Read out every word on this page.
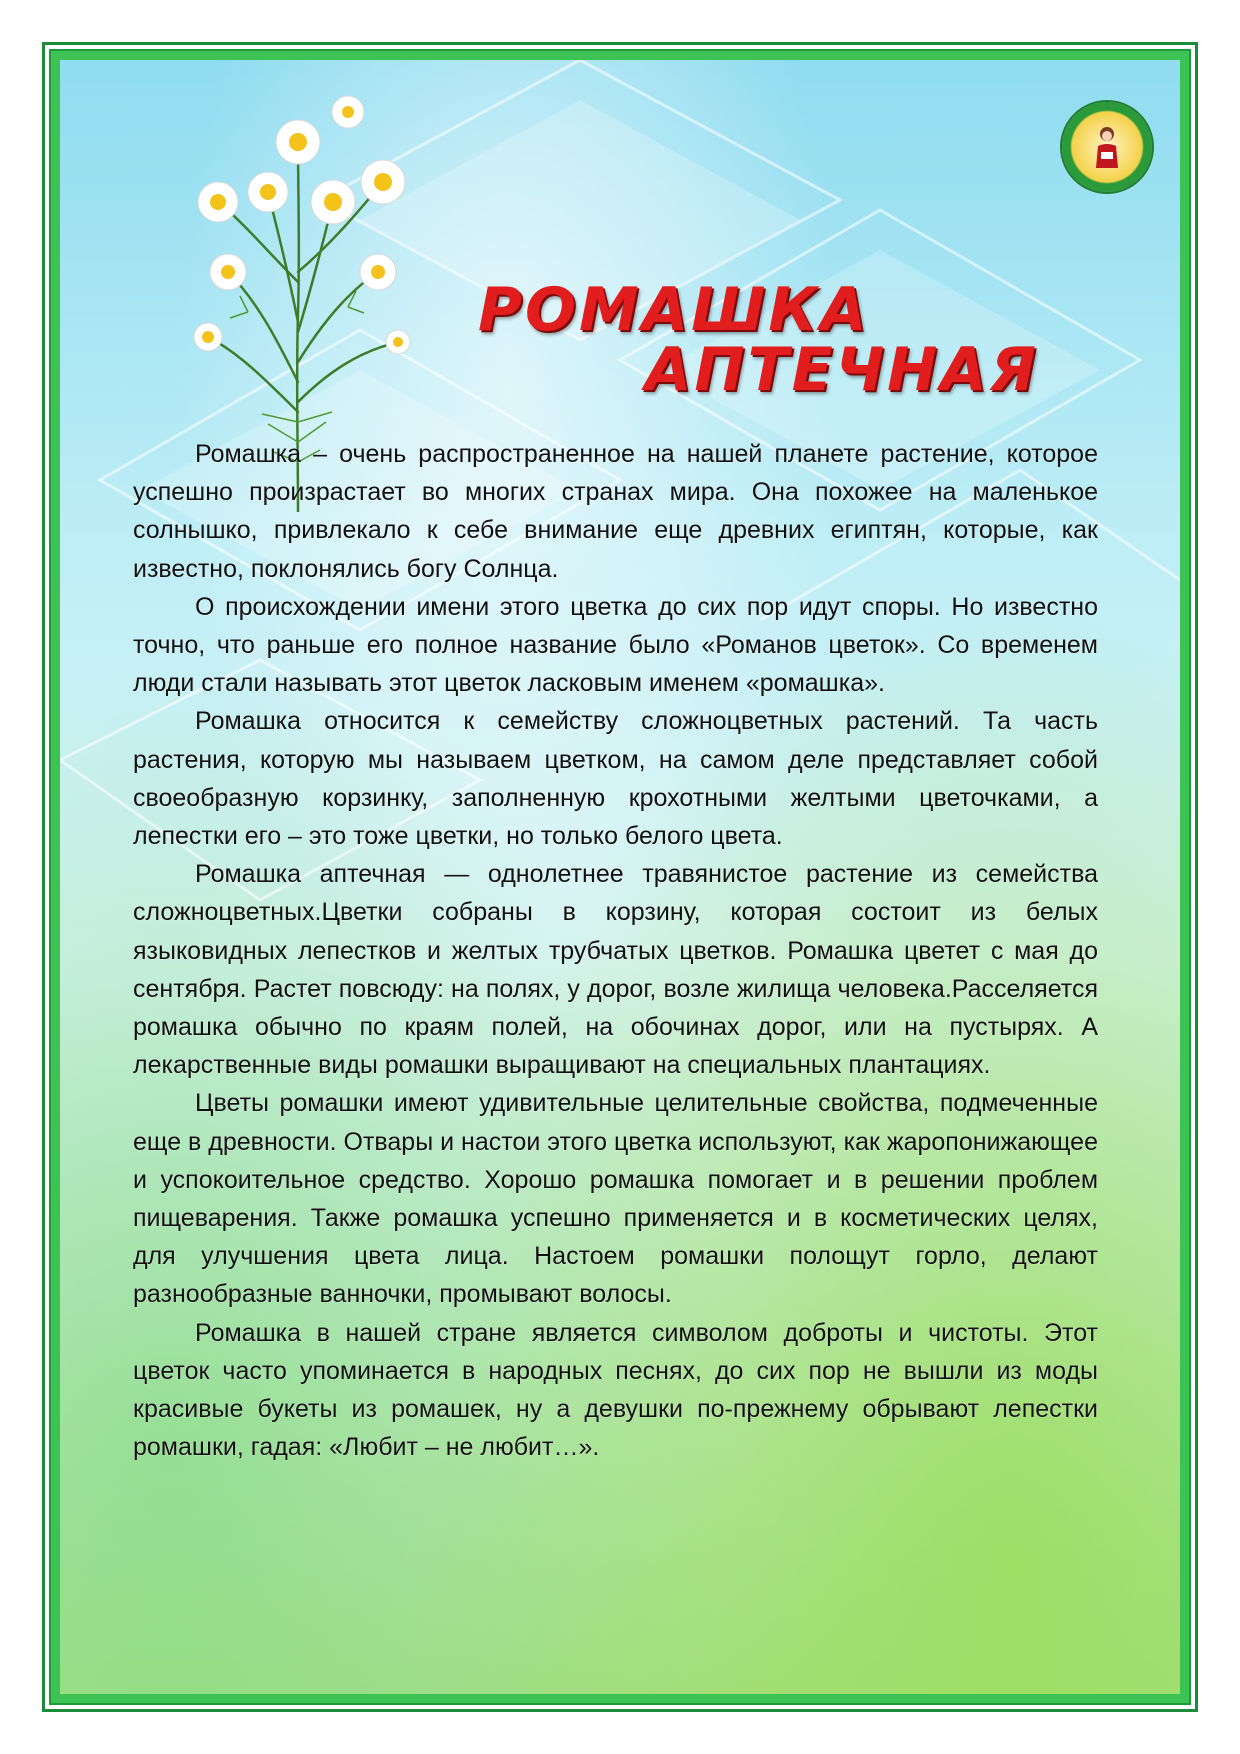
РОМАШКА
АПТЕЧНАЯ

Ромашка – очень распространенное на нашей планете растение, которое успешно произрастает во многих странах мира. Она похожее на маленькое солнышко, привлекало к себе внимание еще древних египтян, которые, как известно, поклонялись богу Солнца.

О происхождении имени этого цветка до сих пор идут споры. Но известно точно, что раньше его полное название было «Романов цветок». Со временем люди стали называть этот цветок ласковым именем «ромашка».

Ромашка относится к семейству сложноцветных растений. Та часть растения, которую мы называем цветком, на самом деле представляет собой своеобразную корзинку, заполненную крохотными желтыми цветочками, а лепестки его – это тоже цветки, но только белого цвета.

Ромашка аптечная — однолетнее травянистое растение из семейства сложноцветных.Цветки собраны в корзину, которая состоит из белых языковидных лепестков и желтых трубчатых цветков. Ромашка цветет с мая до сентября. Растет повсюду: на полях, у дорог, возле жилища человека.Расселяется ромашка обычно по краям полей, на обочинах дорог, или на пустырях. А лекарственные виды ромашки выращивают на специальных плантациях.

Цветы ромашки имеют удивительные целительные свойства, подмеченные еще в древности. Отвары и настои этого цветка используют, как жаропонижающее и успокоительное средство. Хорошо ромашка помогает и в решении проблем пищеварения. Также ромашка успешно применяется и в косметических целях, для улучшения цвета лица. Настоем ромашки полощут горло, делают разнообразные ванночки, промывают волосы.

Ромашка в нашей стране является символом доброты и чистоты. Этот цветок часто упоминается в народных песнях, до сих пор не вышли из моды красивые букеты из ромашек, ну а девушки по-прежнему обрывают лепестки ромашки, гадая: «Любит – не любит…».
